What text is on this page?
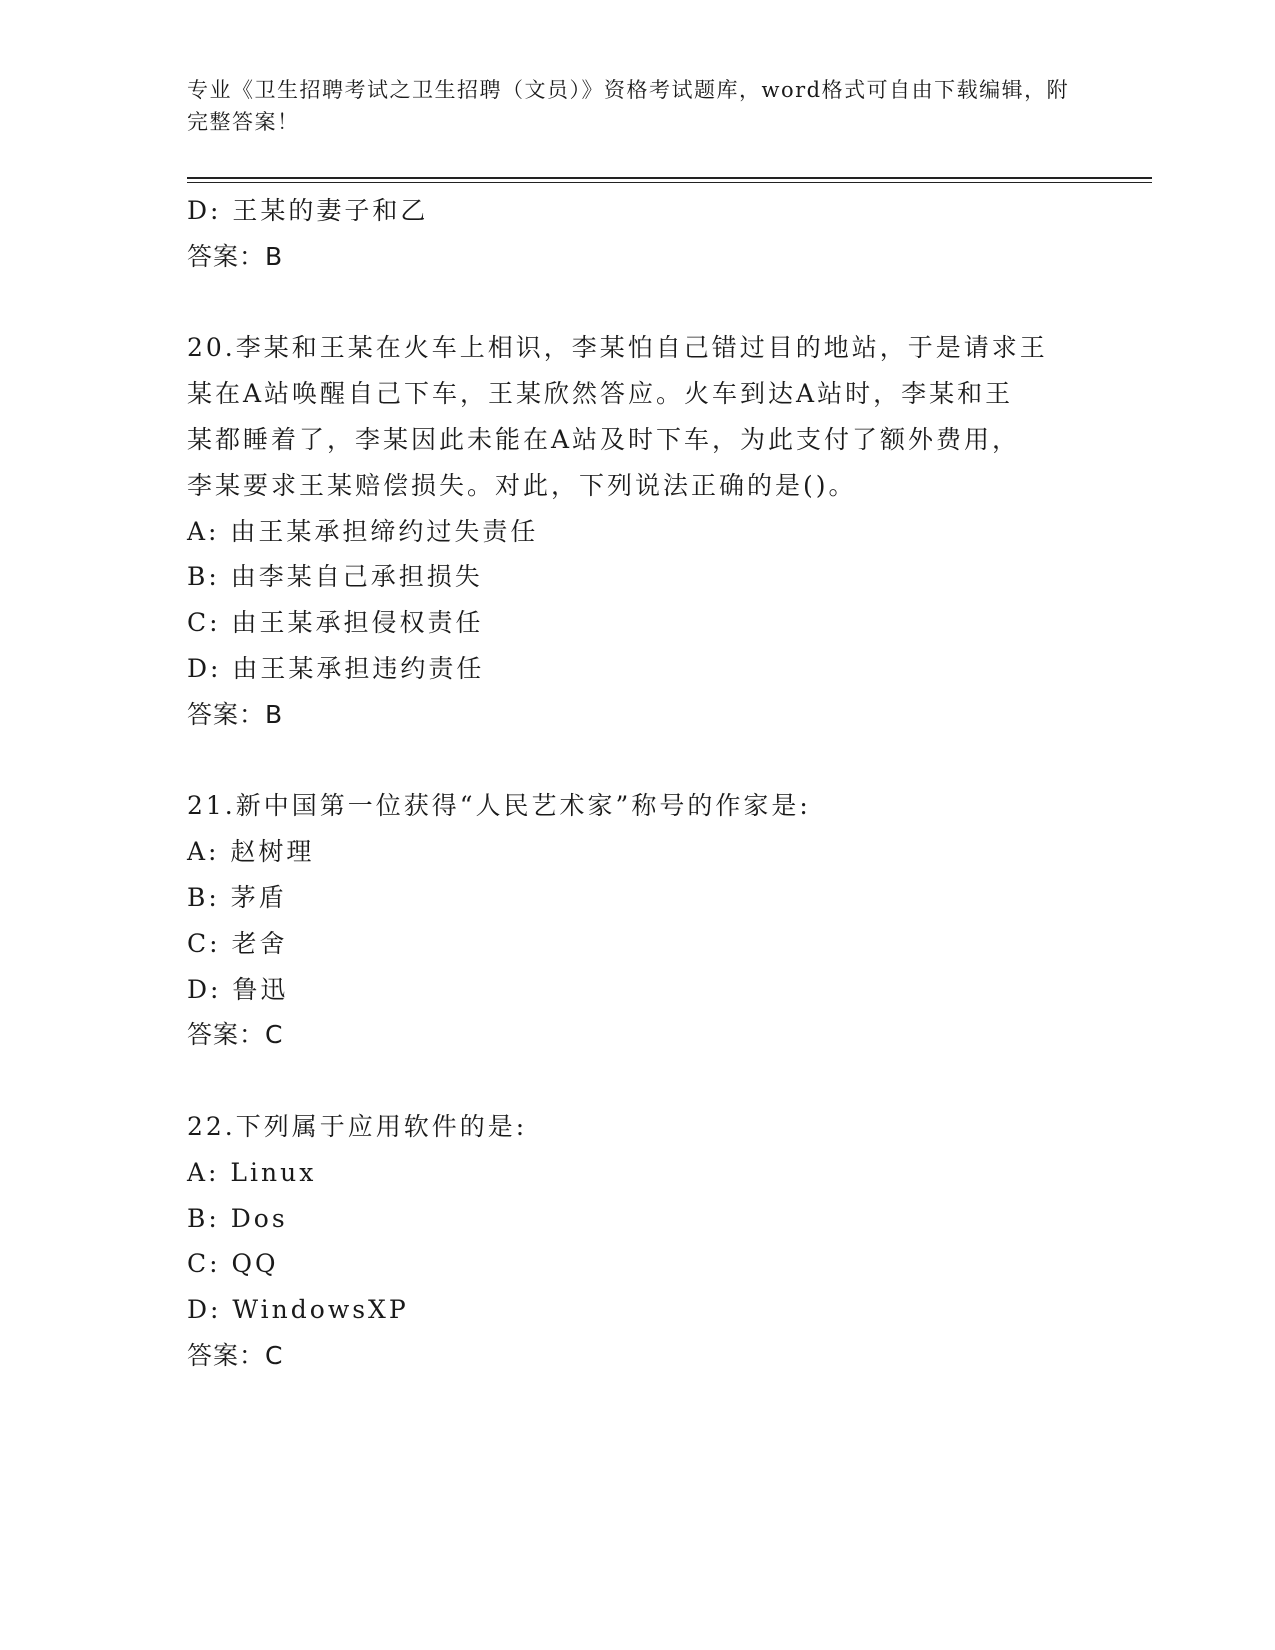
专业《卫生招聘考试之卫生招聘（文员）》资格考试题库，word格式可自由下载编辑，附完整答案！
D: 王某的妻子和乙
答案：B
20.李某和王某在火车上相识，李某怕自己错过目的地站，于是请求王
某在A站唤醒自己下车，王某欣然答应。火车到达A站时，李某和王
某都睡着了，李某因此未能在A站及时下车，为此支付了额外费用，
李某要求王某赔偿损失。对此，下列说法正确的是()。
A: 由王某承担缔约过失责任
B: 由李某自己承担损失
C: 由王某承担侵权责任
D: 由王某承担违约责任
答案：B
21.新中国第一位获得“人民艺术家”称号的作家是:
A: 赵树理
B: 茅盾
C: 老舍
D: 鲁迅
答案：C
22.下列属于应用软件的是:
A: Linux
B: Dos
C: QQ
D: WindowsXP
答案：C
